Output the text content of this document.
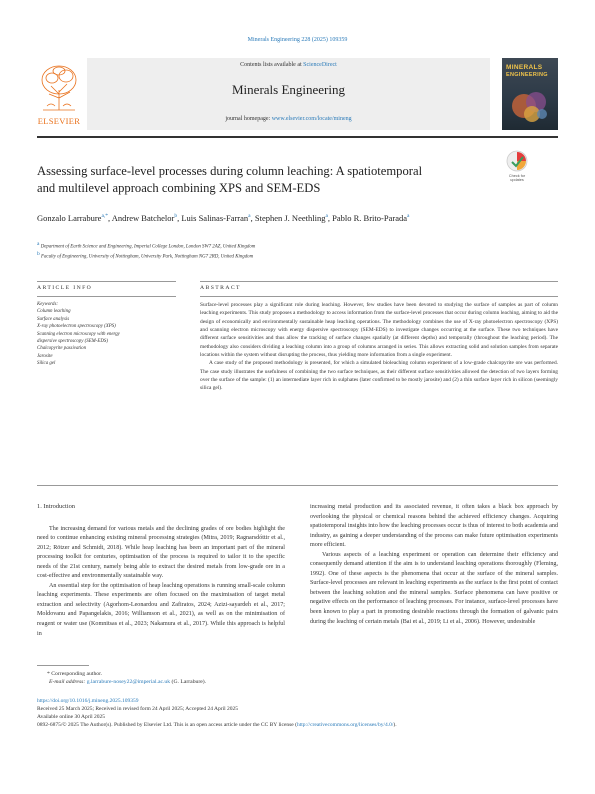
Minerals Engineering 228 (2025) 109359
ELSEVIER
Contents lists available at ScienceDirect
Minerals Engineering
journal homepage: www.elsevier.com/locate/mineng
MINERALS
ENGINEERING
Assessing surface-level processes during column leaching: A spatiotemporal
and multilevel approach combining XPS and SEM-EDS
Check for
updates
Gonzalo Larrabure$^{a,*}$, Andrew Batchelor$^b$, Luis Salinas-Farran$^a$, Stephen J. Neethling$^a$, Pablo R. Brito-Parada$^a$
a Department of Earth Science and Engineering, Imperial College London, London SW7 2AZ, United Kingdom
b Faculty of Engineering, University of Nottingham, University Park, Nottingham NG7 2RD, United Kingdom
ARTICLE INFO	ABSTRACT
Keywords:
Column leaching
Surface analysis
X-ray photoelectron spectroscopy (XPS)
Scanning electron microscopy with energy
dispersive spectroscopy (SEM-EDS)
Chalcopyrite passivation
Jarosite
Silica gel

Surface-level processes play a significant role during leaching. However, few studies have been devoted to studying the surface of samples as part of column leaching experiments. This study proposes a methodology to access information from the surface-level processes that occur during column leaching, aiming to aid the design of economically and environmentally sustainable heap leaching operations. The methodology combines the use of X-ray photoelectron spectroscopy (XPS) and scanning electron microscopy with energy dispersive spectroscopy (SEM-EDS) to investigate changes occurring at the surface. These two techniques have different surface sensitivities and thus allow the tracking of surface changes spatially (at different depths) and temporally (throughout the leaching period). The methodology also considers dividing a leaching column into a group of columns arranged in series. This allows extracting solid and solution samples from separate locations within the system without disrupting the process, thus yielding more information from a single experiment.

A case study of the proposed methodology is presented, for which a simulated bioleaching column experiment of a low-grade chalcopyrite ore was performed. The case study illustrates the usefulness of combining the two surface techniques, as their different surface sensitivities allowed the detection of two layers forming over the surface of the sample: (1) an intermediate layer rich in sulphates (later confirmed to be mostly jarosite) and (2) a thin surface layer rich in silicon (seemingly silica gel).

1. Introduction

The increasing demand for various metals and the declining grades of ore bodies highlight the need to continue enhancing existing mineral processing strategies (Mitra, 2019; Ragnarsdóttir et al., 2012; Rötzer and Schmidt, 2018). While heap leaching has been an important part of the mineral processing toolkit for centuries, optimisation of the process is required to tailor it to the specific needs of the 21st century, namely being able to extract the desired metals from low-grade ore in a cost-effective and environmentally sustainable way.

An essential step for the optimisation of heap leaching operations is running small-scale column leaching experiments. These experiments are often focused on the maximisation of target metal extraction and selectivity (Agorhom-Leonardou and Zafiratos, 2024; Azizi-sayardeh et al., 2017; Moldovanu and Papangelakis, 2016; Williamson et al., 2021), as well as on the minimisation of reagent or water use (Komnitsas et al., 2023; Nakamura et al., 2017). While this approach is helpful in

increasing metal production and its associated revenue, it often takes a black box approach by overlooking the physical or chemical reasons behind the achieved efficiency changes. Acquiring spatiotemporal insights into how the leaching processes occur is thus of interest to both academia and industry, as gaining a deeper understanding of the process can make future optimisation experiments more efficient.

Various aspects of a leaching experiment or operation can determine their efficiency and consequently demand attention if the aim is to understand leaching operations thoroughly (Fleming, 1992). One of these aspects is the phenomena that occur at the surface of the mineral samples. Surface-level processes are relevant in leaching experiments as the surface is the first point of contact between the leaching solution and the mineral samples. Surface phenomena can have positive or negative effects on the performance of leaching processes. For instance, surface-level processes have been known to play a part in promoting desirable reactions through the formation of galvanic pairs during the leaching of certain metals (Bai et al., 2019; Li et al., 2006). However, undesirable

* Corresponding author.
E-mail address: g.larrabure-nosey22@imperial.ac.uk (G. Larrabure).
https://doi.org/10.1016/j.mineng.2025.109359
Received 25 March 2025; Received in revised form 24 April 2025; Accepted 24 April 2025
Available online 30 April 2025
0892-6875/© 2025 The Author(s). Published by Elsevier Ltd. This is an open access article under the CC BY license (http://creativecommons.org/licenses/by/4.0/).
